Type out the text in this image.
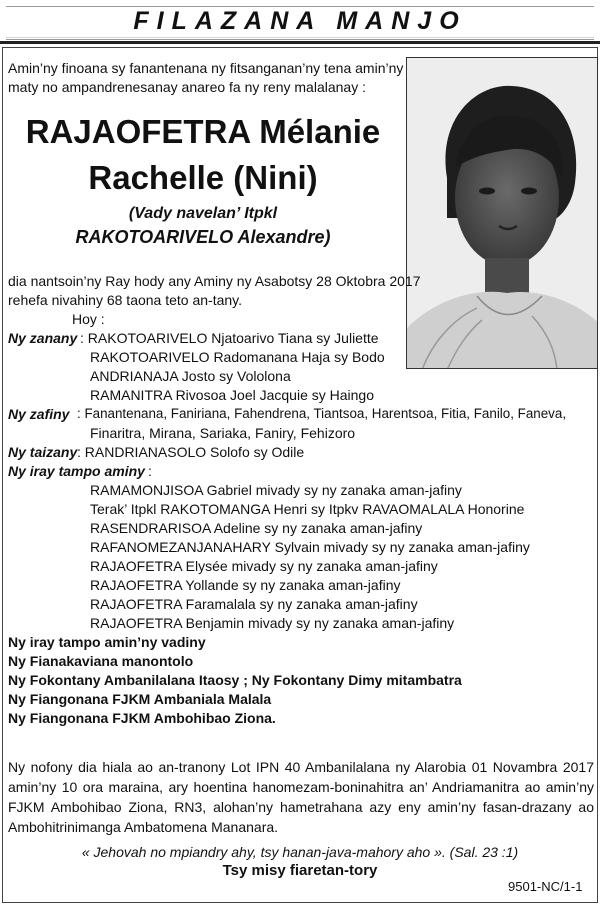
FILAZANA MANJO
Amin’ny finoana sy fanantenana ny fitsanganan’ny tena amin’ny
maty no ampandrenesanay anareo fa ny reny malalanay :
RAJAOFETRA Mélanie
Rachelle (Nini)
(Vady navelan’ Itpkl
RAKOTOARIVELO Alexandre)
dia nantsoin’ny Ray hody any Aminy ny Asabotsy 28 Oktobra 2017
rehefa nivahiny 68 taona teto an-tany.
Hoy :
Ny zanany : RAKOTOARIVELO Njatoarivo Tiana sy Juliette
RAKOTOARIVELO Radomanana Haja sy Bodo
ANDRIANAJA Josto sy Vololona
RAMANITRA Rivosoa Joel Jacquie sy Haingo
Ny zafiny : Fanantenana, Faniriana, Fahendrena, Tiantsoa, Harentsoa, Fitia, Fanilo, Faneva,
Finaritra, Mirana, Sariaka, Faniry, Fehizoro
Ny taizany : RANDRIANASOLO Solofo sy Odile
Ny iray tampo aminy :
RAMAMONJISOA Gabriel mivady sy ny zanaka aman-jafiny
Terak’ Itpkl RAKOTOMANGA Henri sy Itpkv RAVAOMALALA Honorine
RASENDRARISOA Adeline sy ny zanaka aman-jafiny
RAFANOMEZANJANAHARY Sylvain mivady sy ny zanaka aman-jafiny
RAJAOFETRA Elysée mivady sy ny zanaka aman-jafiny
RAJAOFETRA Yollande sy ny zanaka aman-jafiny
RAJAOFETRA Faramalala sy ny zanaka aman-jafiny
RAJAOFETRA Benjamin mivady sy ny zanaka aman-jafiny
Ny iray tampo amin’ny vadiny
Ny Fianakaviana manontolo
Ny Fokontany Ambanilalana Itaosy ; Ny Fokontany Dimy mitambatra
Ny Fiangonana FJKM Ambaniala Malala
Ny Fiangonana FJKM Ambohibao Ziona.
Ny nofony dia hiala ao an-tranony Lot IPN 40 Ambanilalana ny Alarobia 01 Novambra 2017 amin’ny 10 ora maraina, ary hoentina hanomezam-boninahitra an’ Andriamanitra ao amin’ny FJKM Ambohibao Ziona, RN3, alohan’ny hametrahana azy eny amin’ny fasan-drazany ao Ambohitrinimanga Ambatomena Mananara.
« Jehovah no mpiandry ahy, tsy hanan-java-mahory aho ». (Sal. 23 :1)
Tsy misy fiaretan-tory
9501-NC/1-1
